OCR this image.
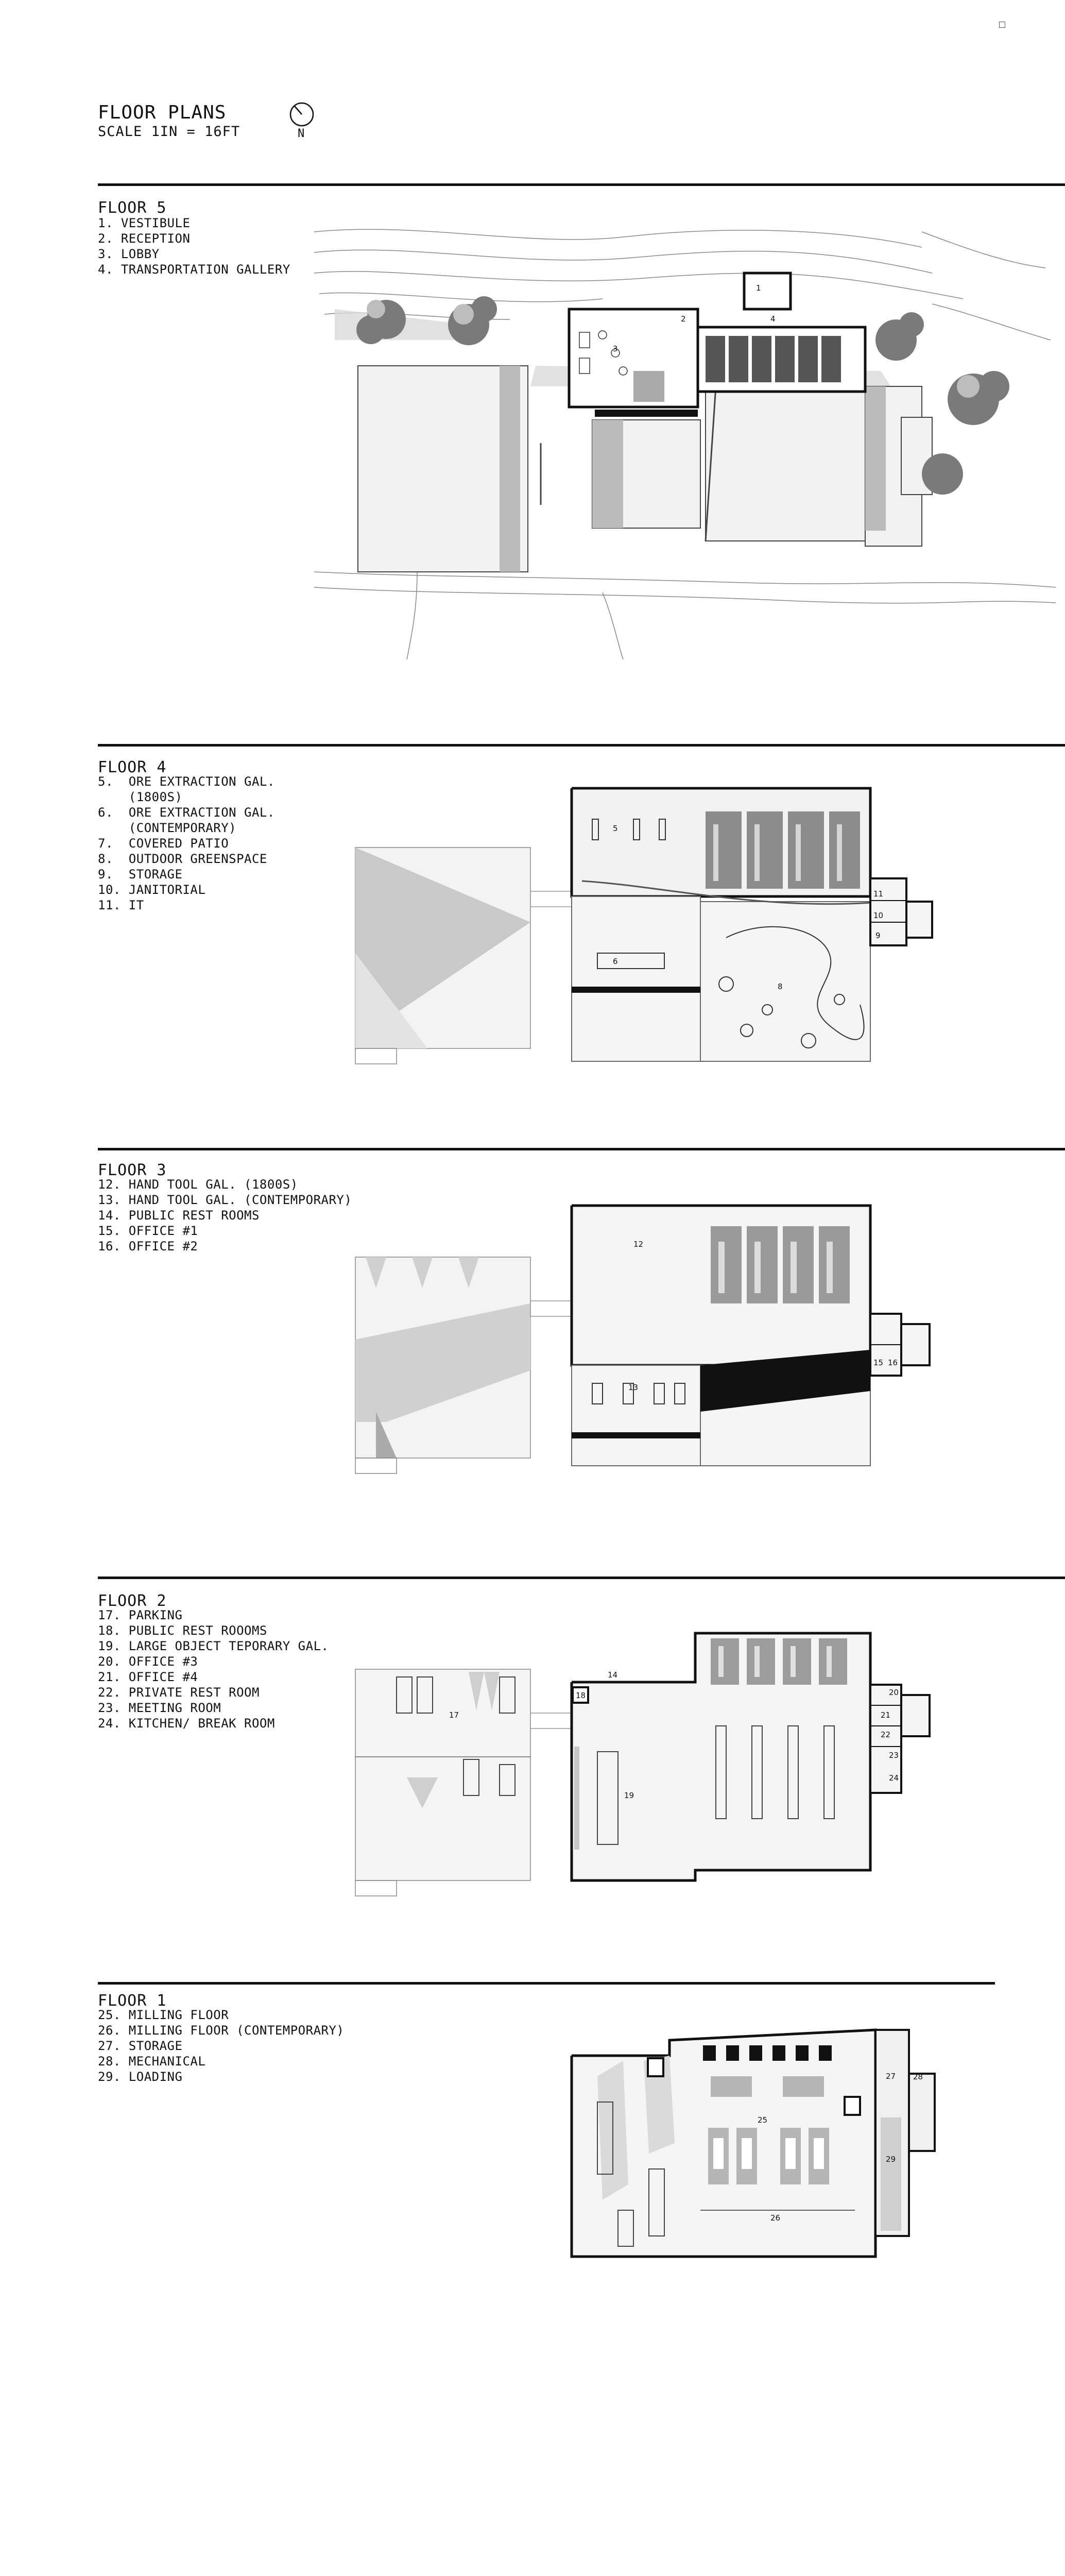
FLOOR PLANS
SCALE 1IN = 16FT	N
FLOOR 5
1. VESTIBULE
2. RECEPTION
3. LOBBY
4. TRANSPORTATION GALLERY
1
2
3
4
FLOOR 4
5.  ORE EXTRACTION GAL.
(1800S)
6.  ORE EXTRACTION GAL.
(CONTEMPORARY)
7.  COVERED PATIO
8.  OUTDOOR GREENSPACE
9.  STORAGE
10. JANITORIAL
11. IT
5
6
8
9
10
11
FLOOR 3
12. HAND TOOL GAL. (1800S)
13. HAND TOOL GAL. (CONTEMPORARY)
14. PUBLIC REST ROOMS
15. OFFICE #1
16. OFFICE #2	12
13
15 16
FLOOR 2
17. PARKING
18. PUBLIC REST ROOOMS
19. LARGE OBJECT TEPORARY GAL.
20. OFFICE #3
21. OFFICE #4
22. PRIVATE REST ROOM
23. MEETING ROOM
24. KITCHEN/ BREAK ROOM
18
17
14
19
20
21
22
23
24
FLOOR 1
25. MILLING FLOOR
26. MILLING FLOOR (CONTEMPORARY)
27. STORAGE
28. MECHANICAL
29. LOADING
25
26
27 28
29
